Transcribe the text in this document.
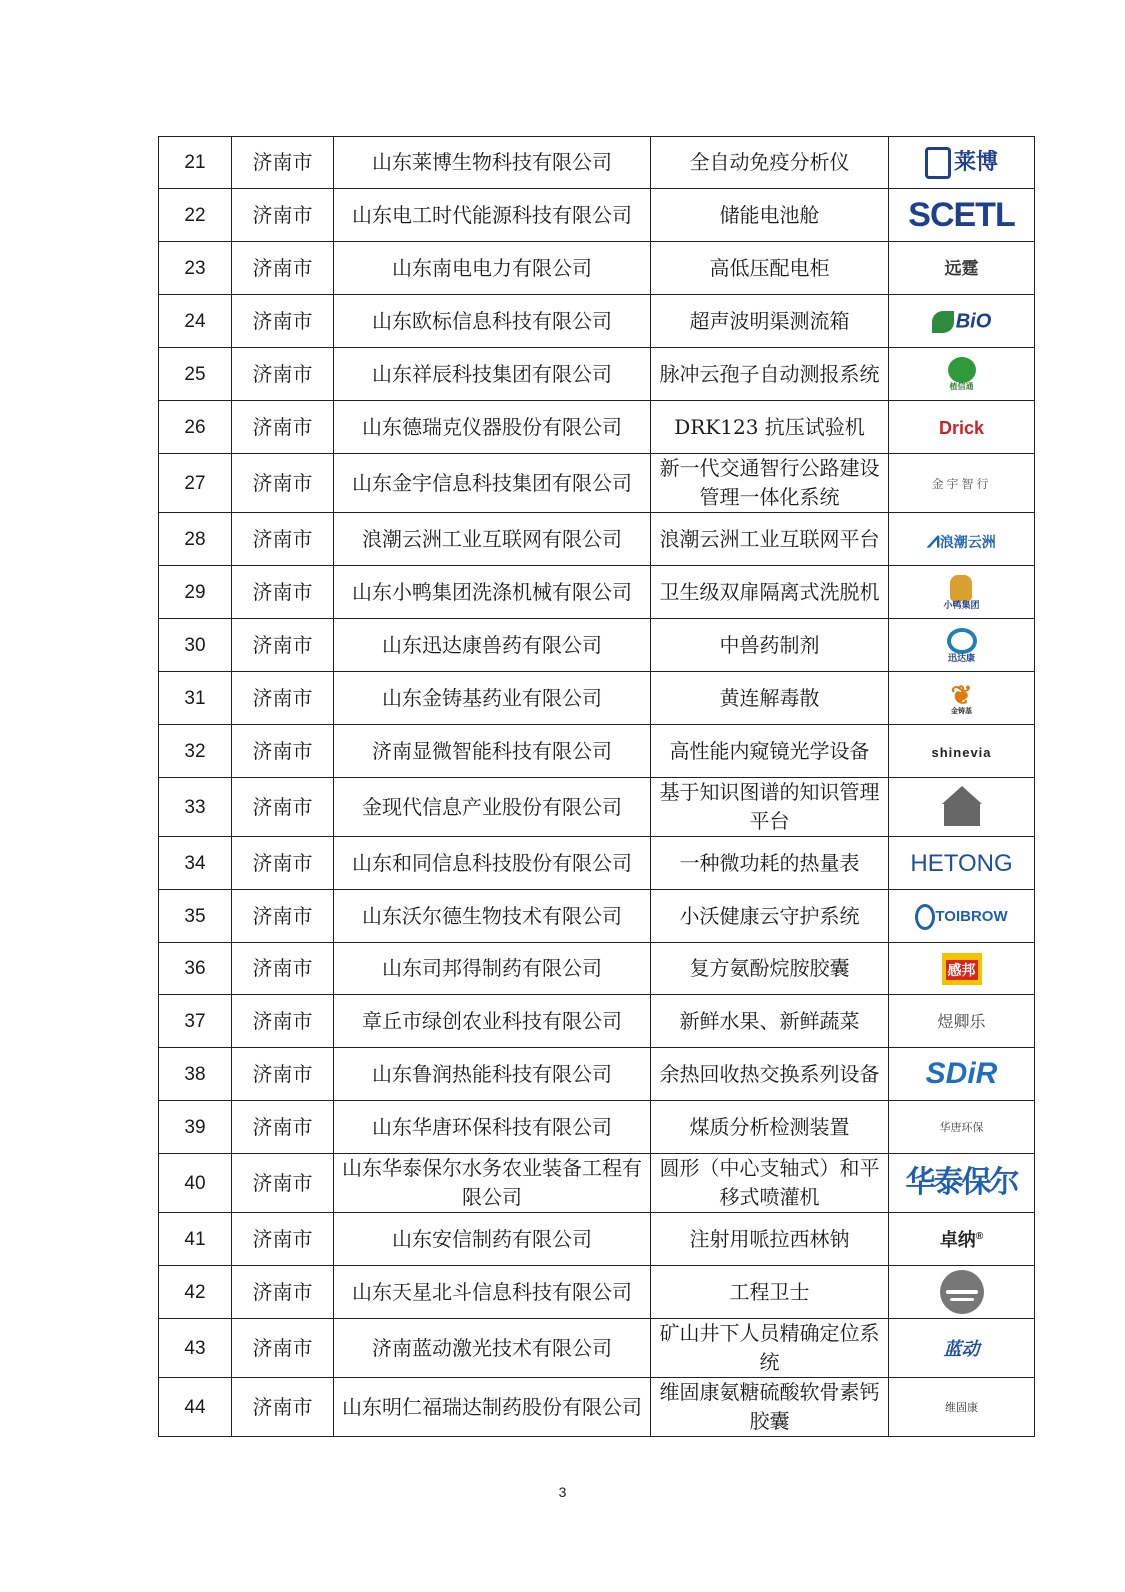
21	济南市	山东莱博生物科技有限公司	全自动免疫分析仪	莱博
22	济南市	山东电工时代能源科技有限公司	储能电池舱	SCETL
23	济南市	山东南电电力有限公司	高低压配电柜	远霆
24	济南市	山东欧标信息科技有限公司	超声波明渠测流箱	BiO
25	济南市	山东祥辰科技集团有限公司	脉冲云孢子自动测报系统	植信通

26	济南市	山东德瑞克仪器股份有限公司	DRK123 抗压试验机	Drick
27	济南市	山东金宇信息科技集团有限公司	新一代交通智行公路建设管理一体化系统	金宇智行
28	济南市	浪潮云洲工业互联网有限公司	浪潮云洲工业互联网平台	⩘浪潮云洲
29	济南市	山东小鸭集团洗涤机械有限公司	卫生级双扉隔离式洗脱机	小鸭集团

30	济南市	山东迅达康兽药有限公司	中兽药制剂	迅达康

31	济南市	山东金铸基药业有限公司	黄连解毒散	❦
金铸基

32	济南市	济南显微智能科技有限公司	高性能内窥镜光学设备	shinevia
33	济南市	金现代信息产业股份有限公司	基于知识图谱的知识管理平台	

34	济南市	山东和同信息科技股份有限公司	一种微功耗的热量表	HETONG
35	济南市	山东沃尔德生物技术有限公司	小沃健康云守护系统	TOIBROW
36	济南市	山东司邦得制药有限公司	复方氨酚烷胺胶囊	感邦
37	济南市	章丘市绿创农业科技有限公司	新鲜水果、新鲜蔬菜	煜卿乐
38	济南市	山东鲁润热能科技有限公司	余热回收热交换系列设备	SDiR
39	济南市	山东华唐环保科技有限公司	煤质分析检测装置	华唐环保
40	济南市	山东华泰保尔水务农业装备工程有限公司	圆形（中心支轴式）和平移式喷灌机	华泰保尔
41	济南市	山东安信制药有限公司	注射用哌拉西林钠	卓纳®
42	济南市	山东天星北斗信息科技有限公司	工程卫士	

43	济南市	济南蓝动激光技术有限公司	矿山井下人员精确定位系统	蓝动
44	济南市	山东明仁福瑞达制药股份有限公司	维固康氨糖硫酸软骨素钙胶囊	维固康
3
